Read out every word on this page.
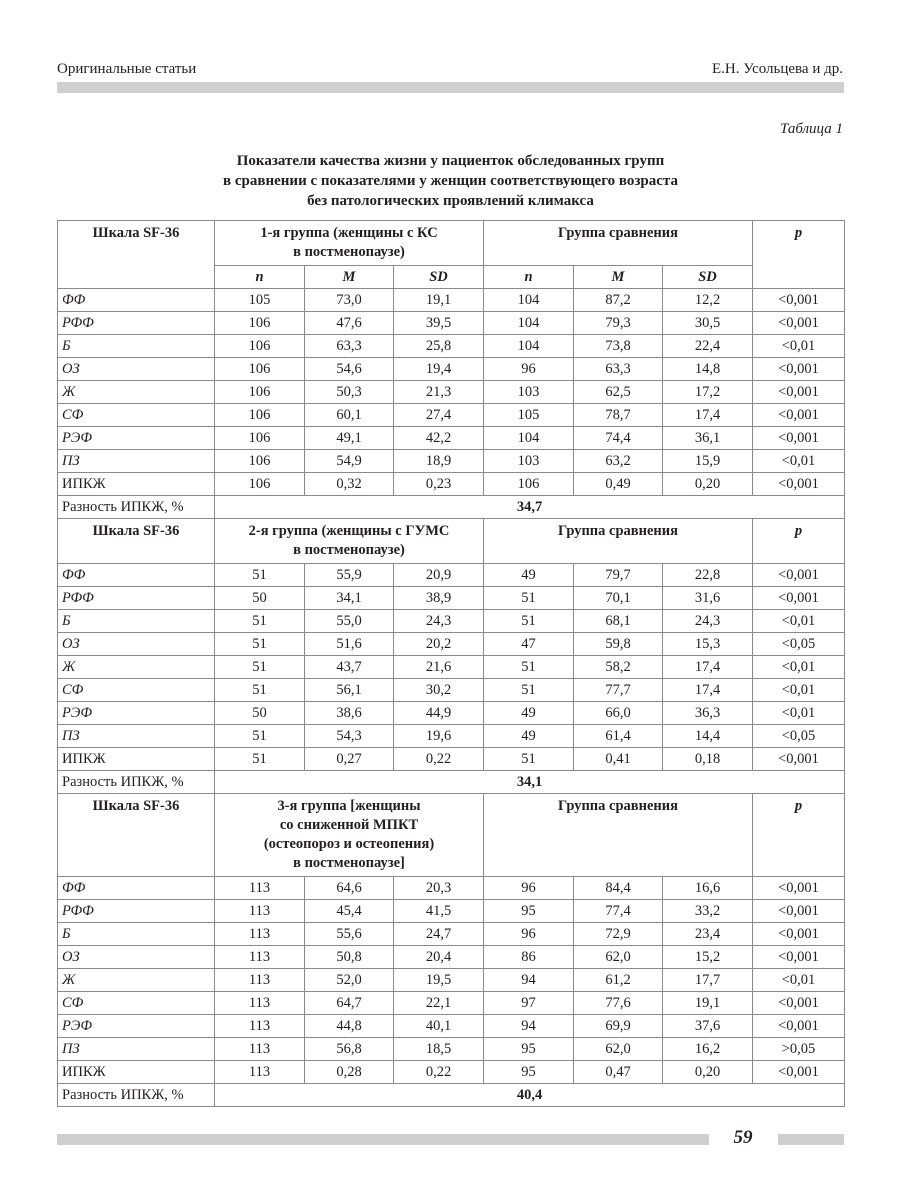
Оригинальные статьи	Е.Н. Усольцева и др.
Таблица 1
Показатели качества жизни у пациенток обследованных групп
в сравнении с показателями у женщин соответствующего возраста
без патологических проявлений климакса
Шкала SF-36	1-я группа (женщины с КС
в постменопаузе)			Группа сравнения			p
	n	M	SD	n	M	SD	
ФФ	105	73,0	19,1	104	87,2	12,2	<0,001
РФФ	106	47,6	39,5	104	79,3	30,5	<0,001
Б	106	63,3	25,8	104	73,8	22,4	<0,01
ОЗ	106	54,6	19,4	96	63,3	14,8	<0,001
Ж	106	50,3	21,3	103	62,5	17,2	<0,001
СФ	106	60,1	27,4	105	78,7	17,4	<0,001
РЭФ	106	49,1	42,2	104	74,4	36,1	<0,001
ПЗ	106	54,9	18,9	103	63,2	15,9	<0,01
ИПКЖ	106	0,32	0,23	106	0,49	0,20	<0,001
Разность ИПКЖ, %	34,7						
Шкала SF-36	2-я группа (женщины с ГУМС
в постменопаузе)			Группа сравнения			p
ФФ	51	55,9	20,9	49	79,7	22,8	<0,001
РФФ	50	34,1	38,9	51	70,1	31,6	<0,001
Б	51	55,0	24,3	51	68,1	24,3	<0,01
ОЗ	51	51,6	20,2	47	59,8	15,3	<0,05
Ж	51	43,7	21,6	51	58,2	17,4	<0,01
СФ	51	56,1	30,2	51	77,7	17,4	<0,01
РЭФ	50	38,6	44,9	49	66,0	36,3	<0,01
ПЗ	51	54,3	19,6	49	61,4	14,4	<0,05
ИПКЖ	51	0,27	0,22	51	0,41	0,18	<0,001
Разность ИПКЖ, %	34,1						
Шкала SF-36	3-я группа [женщины
со сниженной МПКТ
(остеопороз и остеопения)
в постменопаузе]			Группа сравнения			p
ФФ	113	64,6	20,3	96	84,4	16,6	<0,001
РФФ	113	45,4	41,5	95	77,4	33,2	<0,001
Б	113	55,6	24,7	96	72,9	23,4	<0,001
ОЗ	113	50,8	20,4	86	62,0	15,2	<0,001
Ж	113	52,0	19,5	94	61,2	17,7	<0,01
СФ	113	64,7	22,1	97	77,6	19,1	<0,001
РЭФ	113	44,8	40,1	94	69,9	37,6	<0,001
ПЗ	113	56,8	18,5	95	62,0	16,2	>0,05
ИПКЖ	113	0,28	0,22	95	0,47	0,20	<0,001
Разность ИПКЖ, %	40,4						
59
